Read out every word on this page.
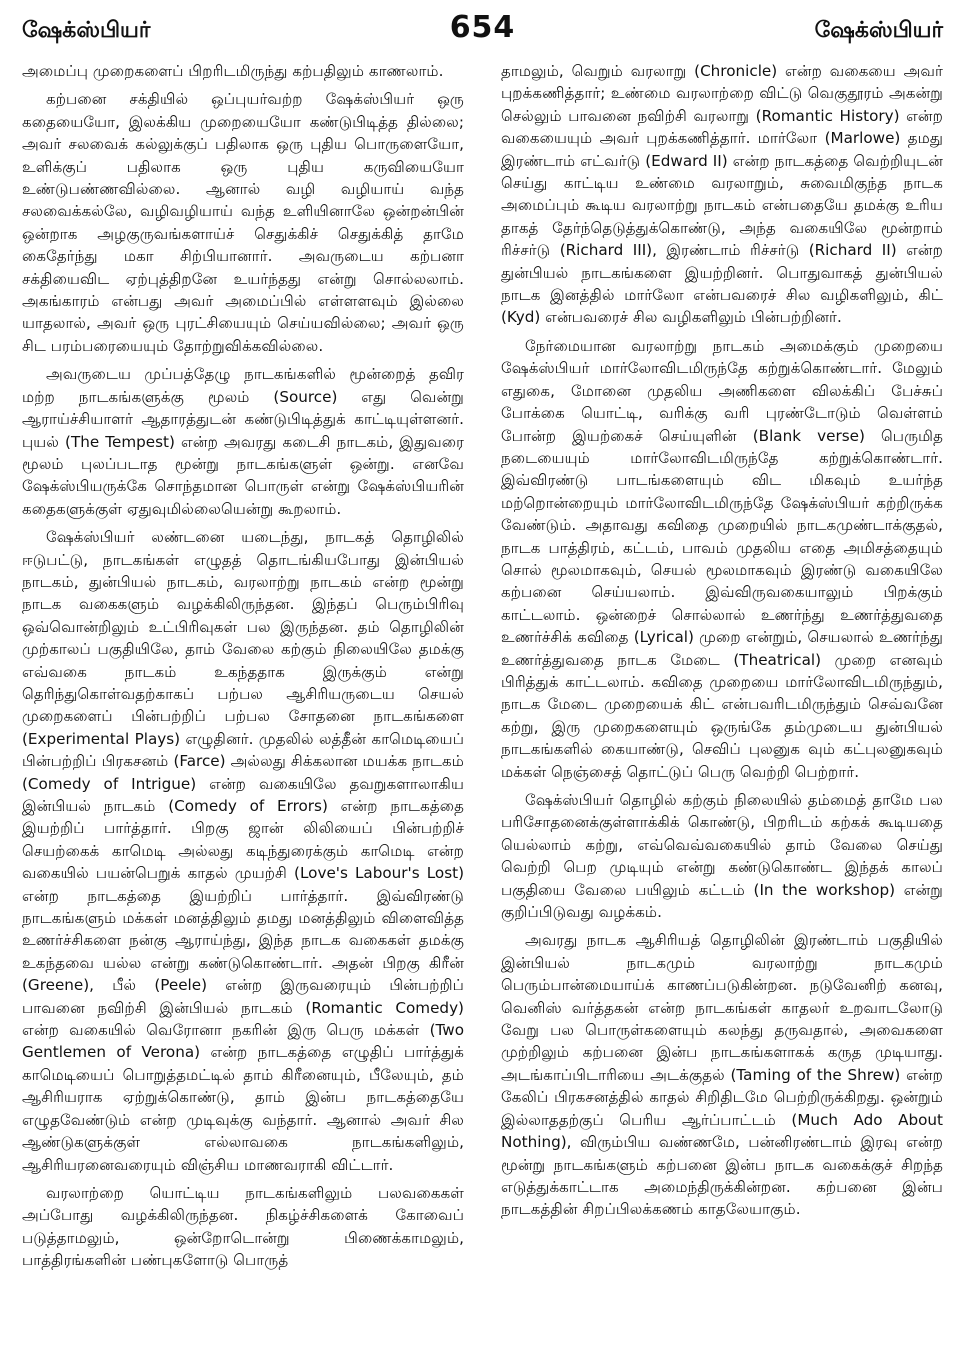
ஷேக்ஸ்பியர்	654	ஷேக்ஸ்பியர்

அமைப்பு முறைகளைப் பிறரிடமிருந்து கற்பதிலும் காணலாம்.

கற்பனை சக்தியில் ஒப்புயர்வற்ற ஷேக்ஸ்பியர் ஒரு கதையையோ, இலக்கிய முறையையோ கண்டுபிடித்த தில்லை; அவர் சலவைக் கல்லுக்குப் பதிலாக ஒரு புதிய பொருளையோ, உளிக்குப் பதிலாக ஒரு புதிய கருவியையோ உண்டுபண்ணவில்லை. ஆனால் வழி வழியாய் வந்த சலவைக்கல்லே, வழிவழியாய் வந்த உளியினாலே ஒன்றன்பின் ஒன்றாக அழகுருவங்களாய்ச் செதுக்கிச் செதுக்கித் தாமே கைதேர்ந்து மகா சிற்பியானார். அவருடைய கற்பனா சக்தியைவிட ஏற்புத்திறனே உயர்ந்தது என்று சொல்லலாம். அகங்காரம் என்பது அவர் அமைப்பில் எள்ளளவும் இல்லை யாதலால், அவர் ஒரு புரட்சியையும் செய்யவில்லை; அவர் ஒரு சிட பரம்பரையையும் தோற்றுவிக்கவில்லை.

அவருடைய முப்பத்தேழு நாடகங்களில் மூன்றைத் தவிர மற்ற நாடகங்களுக்கு மூலம் (Source) எது வென்று ஆராய்ச்சியாளர் ஆதாரத்துடன் கண்டுபிடித்துக் காட்டியுள்ளனர். புயல் (The Tempest) என்ற அவரது கடைசி நாடகம், இதுவரை மூலம் புலப்படாத மூன்று நாடகங்களுள் ஒன்று. எனவே ஷேக்ஸ்பியருக்கே சொந்தமான பொருள் என்று ஷேக்ஸ்பியரின் கதைகளுக்குள் ஏதுவுமில்லையென்று கூறலாம்.

ஷேக்ஸ்பியர் லண்டனை யடைந்து, நாடகத் தொழிலில் ஈடுபட்டு, நாடகங்கள் எழுதத் தொடங்கியபோது இன்பியல் நாடகம், துன்பியல் நாடகம், வரலாற்று நாடகம் என்ற மூன்று நாடக வகைகளும் வழக்கிலிருந்தன. இந்தப் பெரும்பிரிவு ஒவ்வொன்றிலும் உட்பிரிவுகள் பல இருந்தன. தம் தொழிலின் முற்காலப் பகுதியிலே, தாம் வேலை கற்கும் நிலையிலே தமக்கு எவ்வகை நாடகம் உகந்ததாக இருக்கும் என்று தெரிந்துகொள்வதற்காகப் பற்பல ஆசிரியருடைய செயல் முறைகளைப் பின்பற்றிப் பற்பல சோதனை நாடகங்களை (Experimental Plays) எழுதினர். முதலில் லத்தீன் காமெடியைப் பின்பற்றிப் பிரகசனம் (Farce) அல்லது சிக்கலான மயக்க நாடகம் (Comedy of Intrigue) என்ற வகையிலே தவறுகளாலாகிய இன்பியல் நாடகம் (Comedy of Errors) என்ற நாடகத்தை இயற்றிப் பார்த்தார். பிறகு ஜான் லிலியைப் பின்பற்றிச் செயற்கைக் காமெடி அல்லது கடிந்துரைக்கும் காமெடி என்ற வகையில் பயன்பெறுக் காதல் முயற்சி (Love's Labour's Lost) என்ற நாடகத்தை இயற்றிப் பார்த்தார். இவ்விரண்டு நாடகங்களும் மக்கள் மனத்திலும் தமது மனத்திலும் விளைவித்த உணர்ச்சிகளை நன்கு ஆராய்ந்து, இந்த நாடக வகைகள் தமக்கு உகந்தவை யல்ல என்று கண்டுகொண்டார். அதன் பிறகு கிரீன் (Greene), பீல் (Peele) என்ற இருவரையும் பின்பற்றிப் பாவனை நவிற்சி இன்பியல் நாடகம் (Romantic Comedy) என்ற வகையில் வெரோனா நகரின் இரு பெரு மக்கள் (Two Gentlemen of Verona) என்ற நாடகத்தை எழுதிப் பார்த்துக் காமெடியைப் பொறுத்தமட்டில் தாம் கிரீனையும், பீலேயும், தம் ஆசிரியராக ஏற்றுக்கொண்டு, தாம் இன்ப நாடகத்தையே எழுதவேண்டும் என்ற முடிவுக்கு வந்தார். ஆனால் அவர் சில ஆண்டுகளுக்குள் எல்லாவகை நாடகங்களிலும், ஆசிரியரனைவரையும் விஞ்சிய மாணவராகி விட்டார்.

வரலாற்றை யொட்டிய நாடகங்களிலும் பலவகைகள் அப்போது வழக்கிலிருந்தன. நிகழ்ச்சிகளைக் கோவைப் படுத்தாமலும், ஒன்றோடொன்று பிணைக்காமலும், பாத்திரங்களின் பண்புகளோடு பொருத்

தாமலும், வெறும் வரலாறு (Chronicle) என்ற வகையை அவர் புறக்கணித்தார்; உண்மை வரலாற்றை விட்டு வெகுதூரம் அகன்று செல்லும் பாவனை நவிற்சி வரலாறு (Romantic History) என்ற வகையையும் அவர் புறக்கணித்தார். மார்லோ (Marlowe) தமது இரண்டாம் எட்வர்டு (Edward II) என்ற நாடகத்தை வெற்றியுடன் செய்து காட்டிய உண்மை வரலாறும், சுவைமிகுந்த நாடக அமைப்பும் கூடிய வரலாற்று நாடகம் என்பதையே தமக்கு உரிய தாகத் தேர்ந்தெடுத்துக்கொண்டு, அந்த வகையிலே மூன்றாம் ரிச்சர்டு (Richard III), இரண்டாம் ரிச்சர்டு (Richard II) என்ற துன்பியல் நாடகங்களை இயற்றினர். பொதுவாகத் துன்பியல் நாடக இனத்தில் மார்லோ என்பவரைச் சில வழிகளிலும், கிட் (Kyd) என்பவரைச் சில வழிகளிலும் பின்பற்றினர்.

நேர்மையான வரலாற்று நாடகம் அமைக்கும் முறையை ஷேக்ஸ்பியர் மார்லோவிடமிருந்தே கற்றுக்கொண்டார். மேலும் எதுகை, மோனை முதலிய அணிகளை விலக்கிப் பேச்சுப் போக்கை யொட்டி, வரிக்கு வரி புரண்டோடும் வெள்ளம் போன்ற இயற்கைச் செய்யுளின் (Blank verse) பெருமித நடையையும் மார்லோவிடமிருந்தே கற்றுக்கொண்டார். இவ்விரண்டு பாடங்களையும் விட மிகவும் உயர்ந்த மற்றொன்றையும் மார்லோவிடமிருந்தே ஷேக்ஸ்பியர் கற்றிருக்க வேண்டும். அதாவது கவிதை முறையில் நாடகமுண்டாக்குதல், நாடக பாத்திரம், கட்டம், பாவம் முதலிய எதை அமிசத்தையும் சொல் மூலமாகவும், செயல் மூலமாகவும் இரண்டு வகையிலே கற்பனை செய்யலாம். இவ்விருவகையாலும் பிறக்கும் காட்டலாம். ஒன்றைச் சொல்லால் உணர்ந்து உணர்த்துவதை உணர்ச்சிக் கவிதை (Lyrical) முறை என்றும், செயலால் உணர்ந்து உணர்த்துவதை நாடக மேடை (Theatrical) முறை எனவும் பிரித்துக் காட்டலாம். கவிதை முறையை மார்லோவிடமிருந்தும், நாடக மேடை முறையைக் கிட் என்பவரிடமிருந்தும் செவ்வனே கற்று, இரு முறைகளையும் ஒருங்கே தம்முடைய துன்பியல் நாடகங்களில் கையாண்டு, செவிப் புலனுக வும் கட்புலனுகவும் மக்கள் நெஞ்சைத் தொட்டுப் பெரு வெற்றி பெற்றார்.

ஷேக்ஸ்பியர் தொழில் கற்கும் நிலையில் தம்மைத் தாமே பல பரிசோதனைக்குள்ளாக்கிக் கொண்டு, பிறரிடம் கற்கக் கூடியதை யெல்லாம் கற்று, எவ்வெவ்வகையில் தாம் வேலை செய்து வெற்றி பெற முடியும் என்று கண்டுகொண்ட இந்தக் காலப் பகுதியை வேலை பயிலும் கட்டம் (In the workshop) என்று குறிப்பிடுவது வழக்கம்.

அவரது நாடக ஆசிரியத் தொழிலின் இரண்டாம் பகுதியில் இன்பியல் நாடகமும் வரலாற்று நாடகமும் பெரும்பான்மையாய்க் காணப்படுகின்றன. நடுவேனிற் கனவு, வெனிஸ் வர்த்தகன் என்ற நாடகங்கள் காதலர் உறவாடலோடு வேறு பல பொருள்களையும் கலந்து தருவதால், அவைகளை முற்றிலும் கற்பனை இன்ப நாடகங்களாகக் கருத முடியாது. அடங்காப்பிடாரியை அடக்குதல் (Taming of the Shrew) என்ற கேலிப் பிரகசனத்தில் காதல் சிறிதிடமே பெற்றிருக்கிறது. ஒன்றும் இல்லாததற்குப் பெரிய ஆர்ப்பாட்டம் (Much Ado About Nothing), விரும்பிய வண்ணமே, பன்னிரண்டாம் இரவு என்ற மூன்று நாடகங்களும் கற்பனை இன்ப நாடக வகைக்குச் சிறந்த எடுத்துக்காட்டாக அமைந்திருக்கின்றன. கற்பனை இன்ப நாடகத்தின் சிறப்பிலக்கணம் காதலேயாகும்.
